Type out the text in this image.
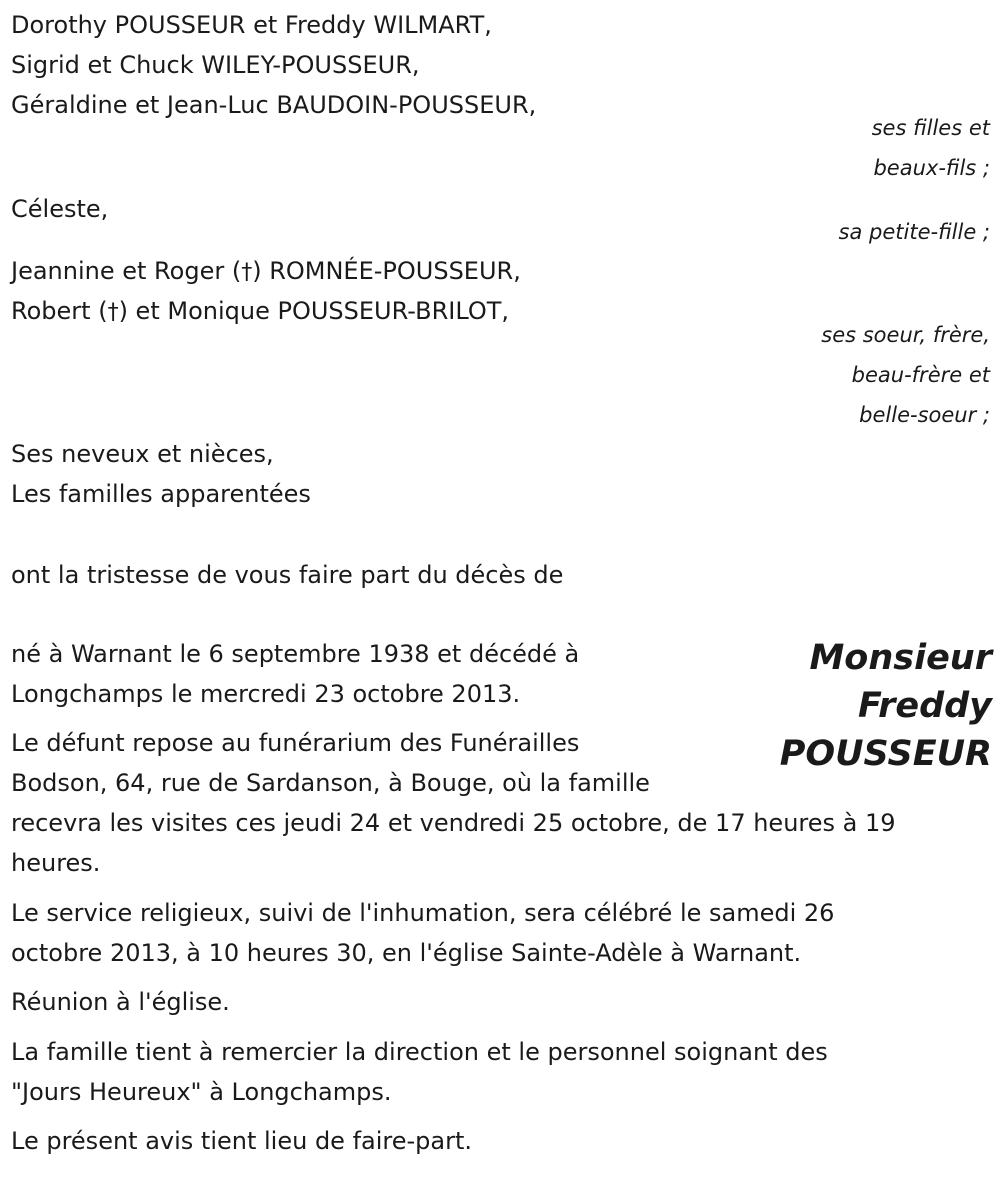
Dorothy POUSSEUR et Freddy WILMART,
Sigrid et Chuck WILEY-POUSSEUR,
Géraldine et Jean-Luc BAUDOIN-POUSSEUR,
ses filles et
beaux-fils ;
Céleste,
sa petite-fille ;
Jeannine et Roger (†) ROMNÉE-POUSSEUR,
Robert (†) et Monique POUSSEUR-BRILOT,
ses soeur, frère,
beau-frère et
belle-soeur ;
Ses neveux et nièces,
Les familles apparentées
ont la tristesse de vous faire part du décès de
Monsieur
Freddy
POUSSEUR
né à Warnant le 6 septembre 1938 et décédé à
Longchamps le mercredi 23 octobre 2013.
Le défunt repose au funérarium des Funérailles
Bodson, 64, rue de Sardanson, à Bouge, où la famille
recevra les visites ces jeudi 24 et vendredi 25 octobre, de 17 heures à 19
heures.
Le service religieux, suivi de l'inhumation, sera célébré le samedi 26
octobre 2013, à 10 heures 30, en l'église Sainte-Adèle à Warnant.
Réunion à l'église.
La famille tient à remercier la direction et le personnel soignant des
"Jours Heureux" à Longchamps.
Le présent avis tient lieu de faire-part.
